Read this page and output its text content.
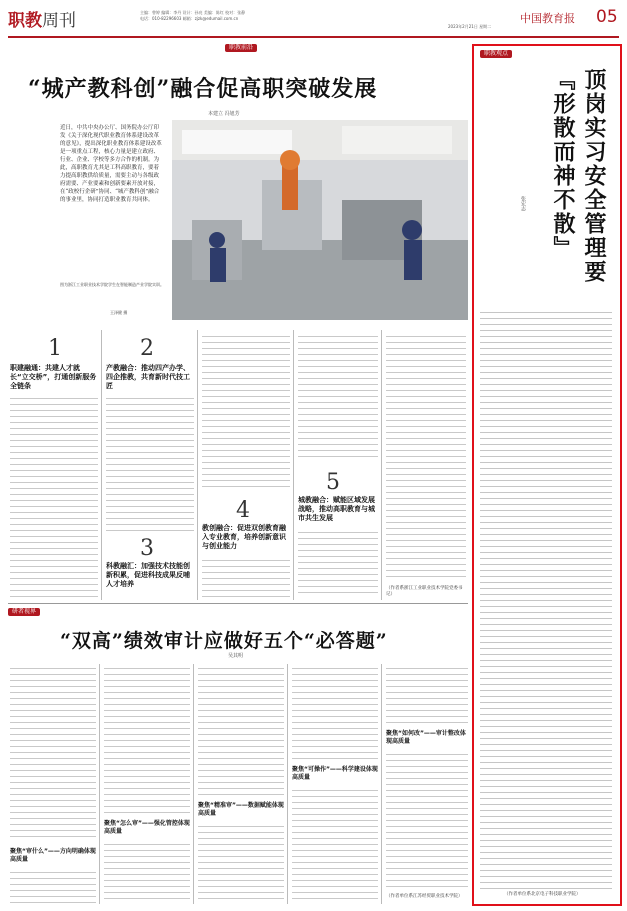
职教周刊	主编：曾婷 编辑：李丹 设计：孙亮 美编：陈红 校对：张静
电话：010-82296603 邮箱：zjzk@edumail.com.cn
2023年2月21日 星期二
中国教育报 05
职教前沿
“城产教科创”融合促高职突破发展
本建立 冯旭芳
近日，中共中央办公厅、国务院办公厅印发《关于深化现代职业教育体系建设改革的意见》，提出深化职业教育体系建设改革是一项重点工程，核心力量是建立政府、行业、企业、学校等多方合作的机制。为此，高职教育尤其是工科高职教育，要着力提高职教供给质量，需要主动与各级政府需要、产业要素和创新要素开放对接，在“政校行企研”协同、“城产教科创”融合的事业里，协同打造职业教育共同体。
图为浙江工业职业技术学院学生在智能制造产业学院实训。
王泽健 摄
1
职建融通：共建人才就长“立交桥”，打通创新服务全链条
2
产教融合：推动四产办学、四企推教，共育新时代技工匠
3
科教融汇：加强技术技能创新积累，促进科技成果反哺人才培养
4
教创融合：促进双创教育融入专业教育，培养创新意识与创业能力
5
城教融合：赋能区域发展战略，推动高职教育与城市共生发展
（作者系浙江工业职业技术学院党委书记）
职教观点
顶岗实习安全管理要『形散而神不散』
张宏志
（作者单位系北京电子科技职业学院）
研者视界
“双高”绩效审计应做好五个“必答题”
吴其明
聚焦“审什么”——方向明确体现高质量
聚焦“怎么审”——强化管控体现高质量
聚焦“精准审”——数据赋能体现高质量
聚焦“可操作”——科学建设体现高质量
聚焦“如何改”——审计整改体现高质量
（作者单位系江苏经贸职业技术学院）
